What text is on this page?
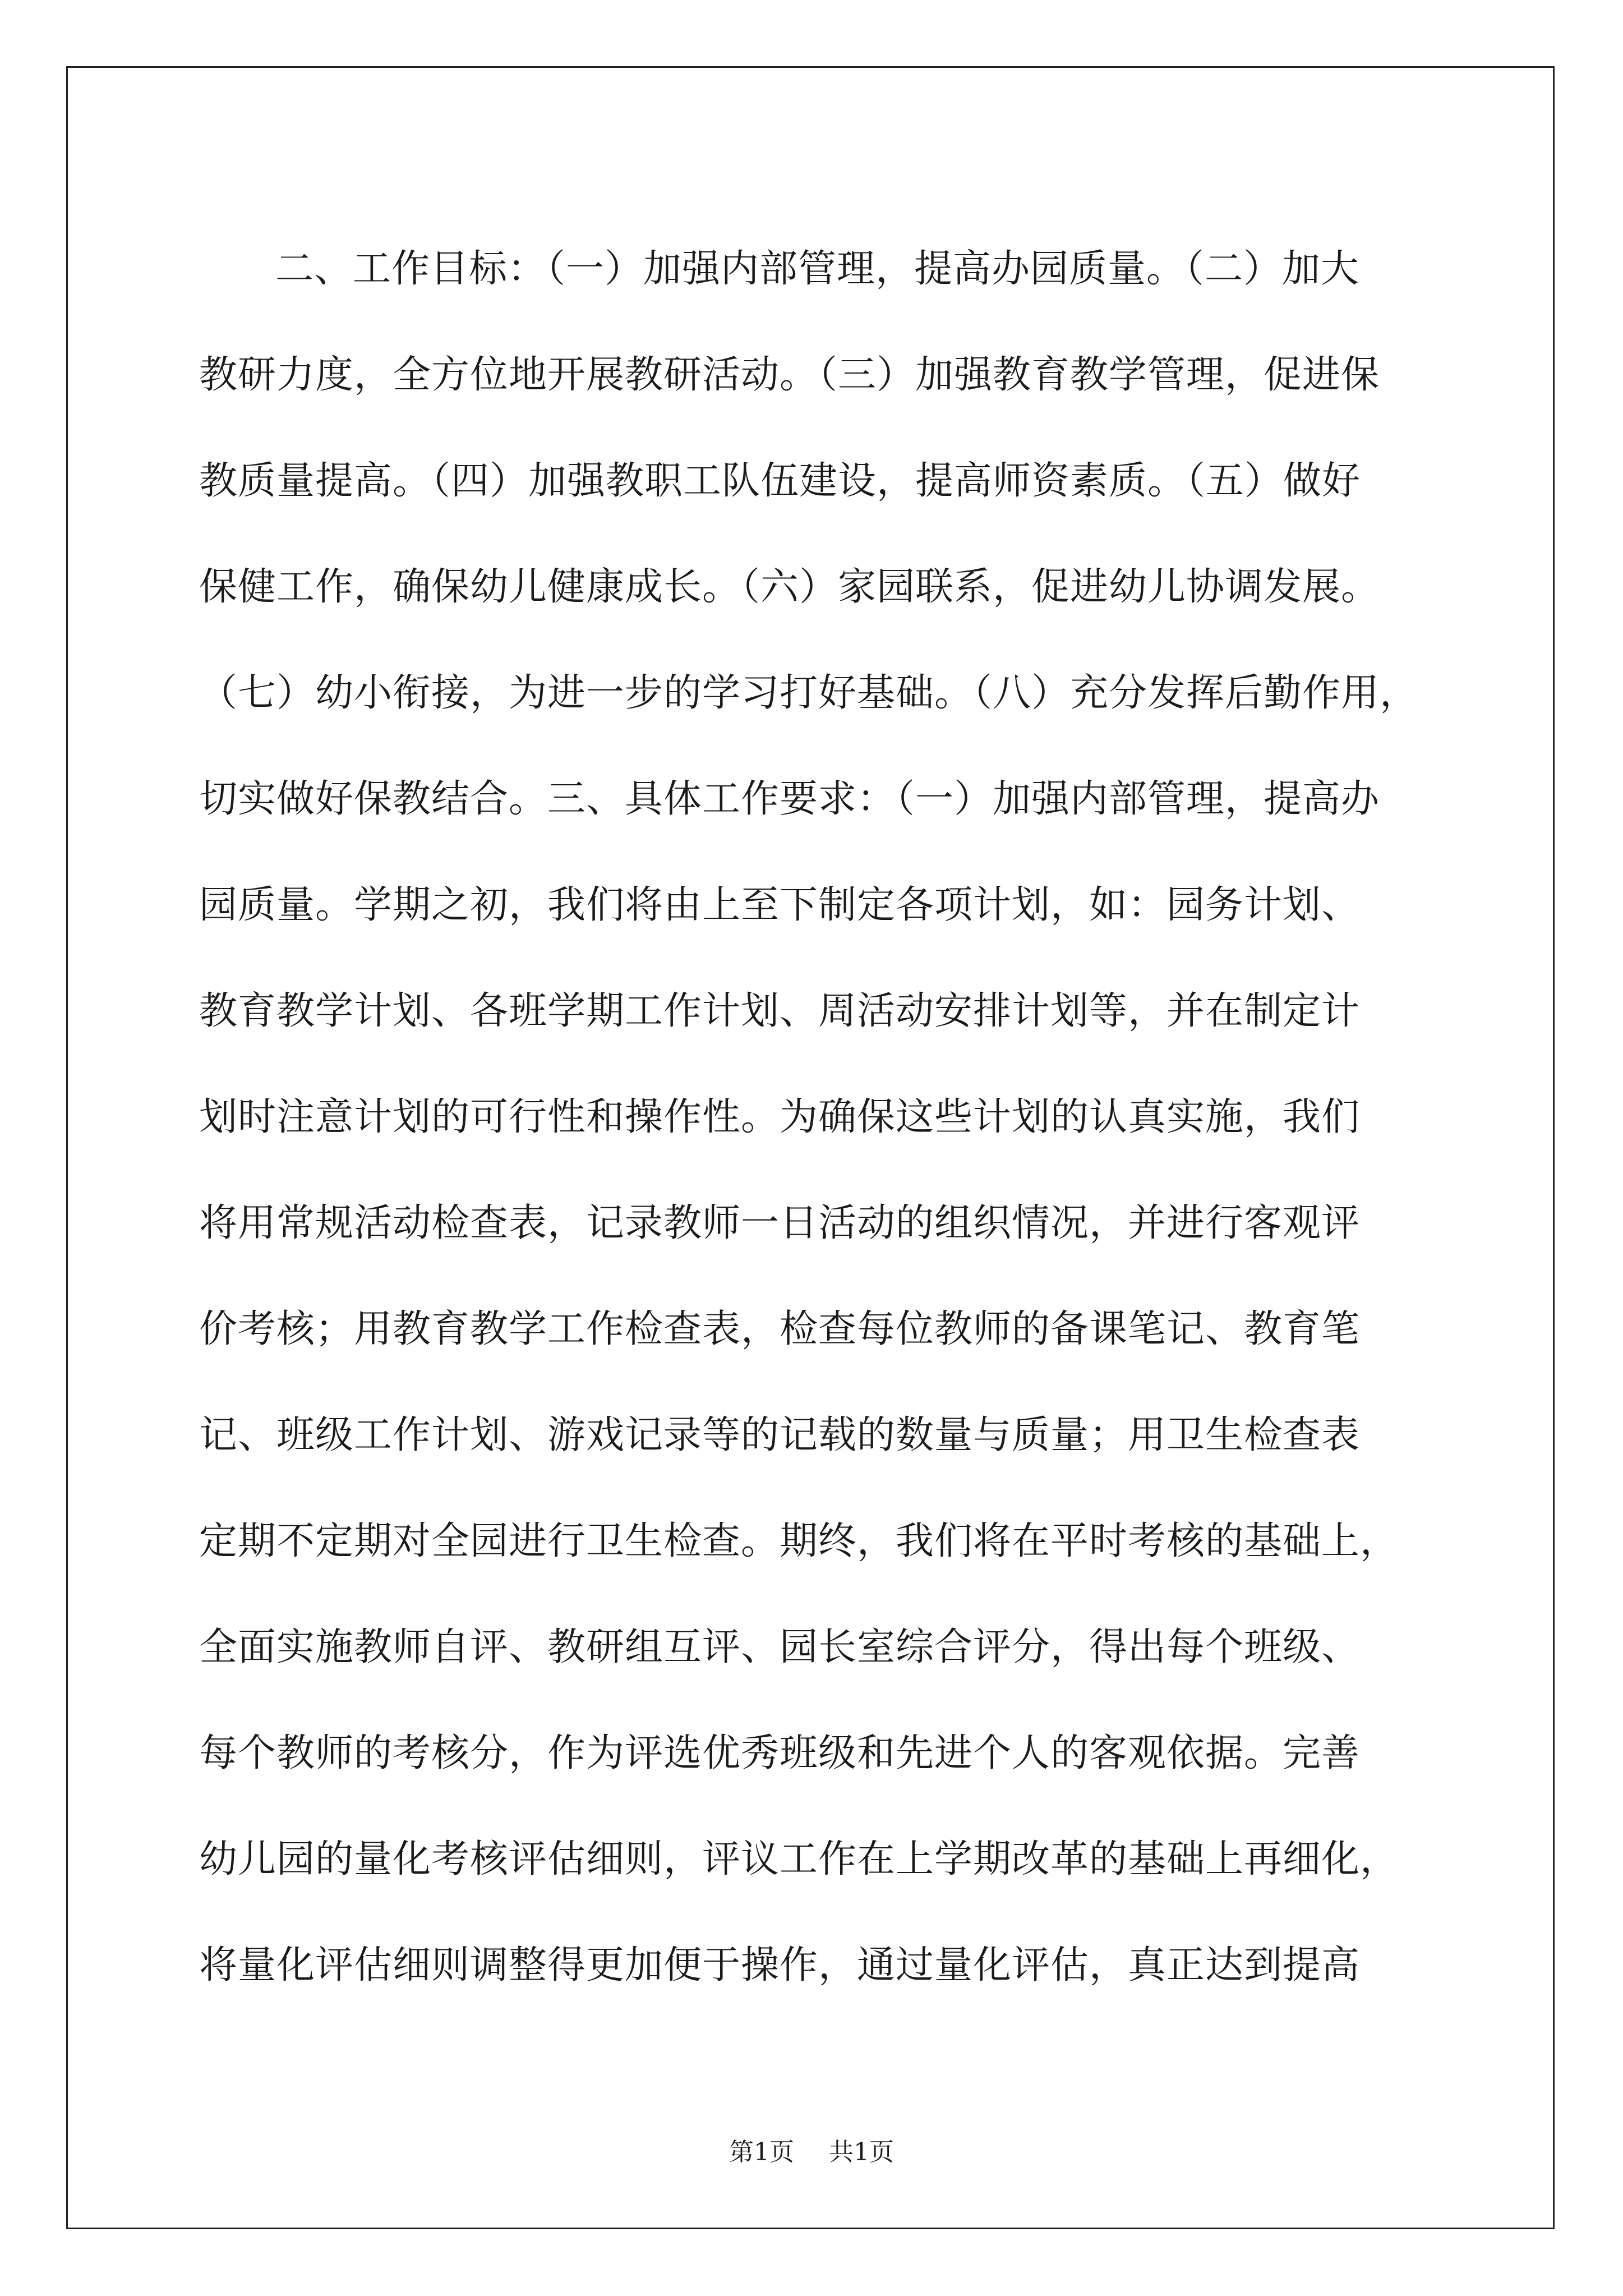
二、工作目标：（一）加强内部管理，提高办园质量。（二）加大
教研力度，全方位地开展教研活动。（三）加强教育教学管理，促进保
教质量提高。（四）加强教职工队伍建设，提高师资素质。（五）做好
保健工作，确保幼儿健康成长。（六）家园联系，促进幼儿协调发展。
（七）幼小衔接，为进一步的学习打好基础。（八）充分发挥后勤作用，
切实做好保教结合。三、具体工作要求：（一）加强内部管理，提高办
园质量。学期之初，我们将由上至下制定各项计划，如：园务计划、
教育教学计划、各班学期工作计划、周活动安排计划等，并在制定计
划时注意计划的可行性和操作性。为确保这些计划的认真实施，我们
将用常规活动检查表，记录教师一日活动的组织情况，并进行客观评
价考核；用教育教学工作检查表，检查每位教师的备课笔记、教育笔
记、班级工作计划、游戏记录等的记载的数量与质量；用卫生检查表
定期不定期对全园进行卫生检查。期终，我们将在平时考核的基础上，
全面实施教师自评、教研组互评、园长室综合评分，得出每个班级、
每个教师的考核分，作为评选优秀班级和先进个人的客观依据。完善
幼儿园的量化考核评估细则，评议工作在上学期改革的基础上再细化，
将量化评估细则调整得更加便于操作，通过量化评估，真正达到提高
第1页 共1页
